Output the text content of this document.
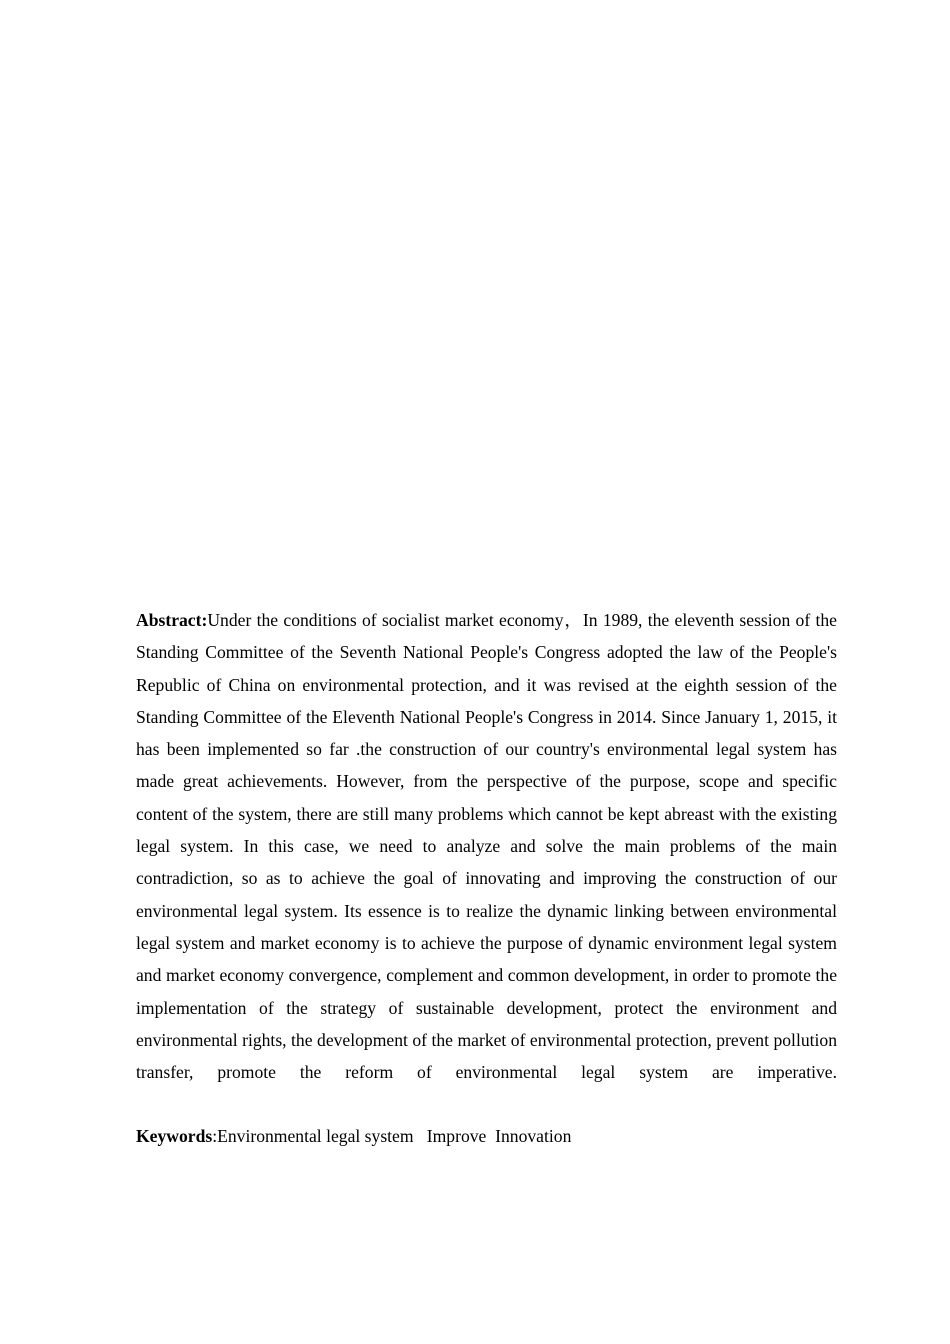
Abstract:Under the conditions of socialist market economy，In 1989, the eleventh session of the Standing Committee of the Seventh National People's Congress adopted the law of the People's Republic of China on environmental protection, and it was revised at the eighth session of the Standing Committee of the Eleventh National People's Congress in 2014. Since January 1, 2015, it has been implemented so far .the construction of our country's environmental legal system has made great achievements. However, from the perspective of the purpose, scope and specific content of the system, there are still many problems which cannot be kept abreast with the existing legal system. In this case, we need to analyze and solve the main problems of the main contradiction, so as to achieve the goal of innovating and improving the construction of our environmental legal system. Its essence is to realize the dynamic linking between environmental legal system and market economy is to achieve the purpose of dynamic environment legal system and market economy convergence, complement and common development, in order to promote the implementation of the strategy of sustainable development, protect the environment and environmental rights, the development of the market of environmental protection, prevent pollution transfer, promote the reform of environmental legal system are imperative.

Keywords:Environmental legal system   Improve  Innovation
